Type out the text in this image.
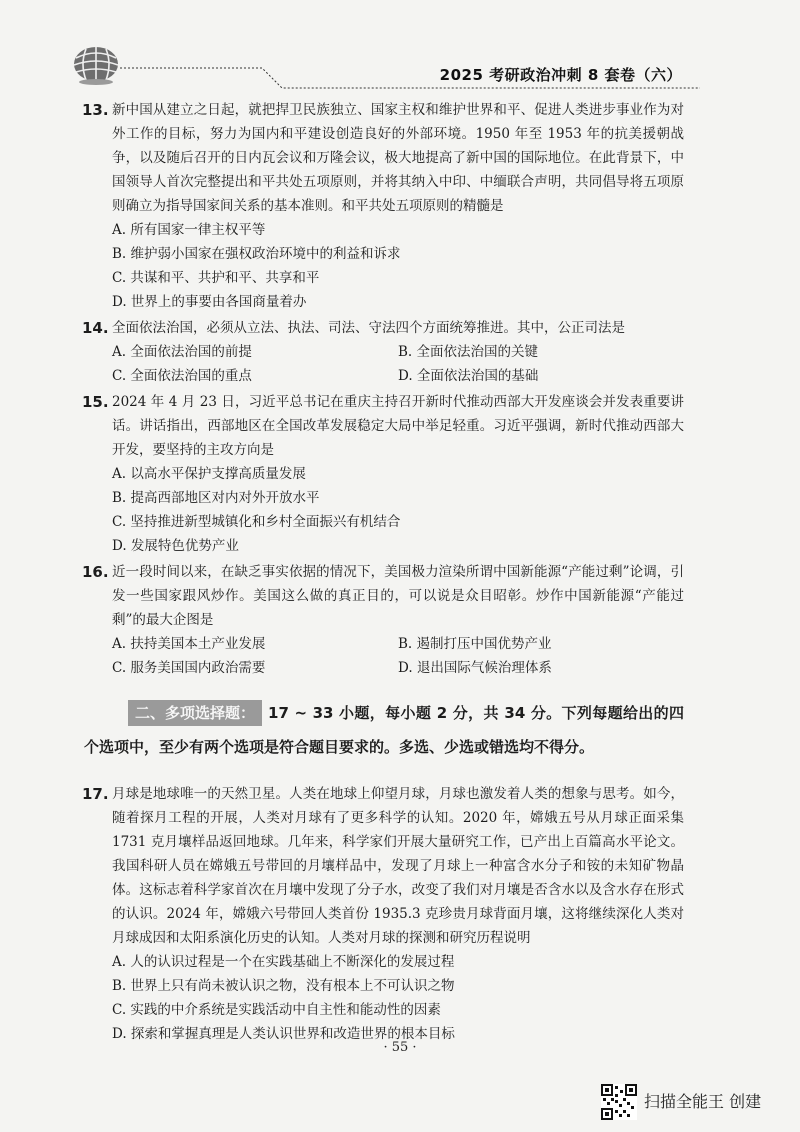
2025 考研政治冲刺 8 套卷（六）
13. 新中国从建立之日起，就把捍卫民族独立、国家主权和维护世界和平、促进人类进步事业作为对外工作的目标，努力为国内和平建设创造良好的外部环境。1950 年至 1953 年的抗美援朝战争，以及随后召开的日内瓦会议和万隆会议，极大地提高了新中国的国际地位。在此背景下，中国领导人首次完整提出和平共处五项原则，并将其纳入中印、中缅联合声明，共同倡导将五项原则确立为指导国家间关系的基本准则。和平共处五项原则的精髓是
A. 所有国家一律主权平等
B. 维护弱小国家在强权政治环境中的利益和诉求
C. 共谋和平、共护和平、共享和平
D. 世界上的事要由各国商量着办
14. 全面依法治国，必须从立法、执法、司法、守法四个方面统筹推进。其中，公正司法是
A. 全面依法治国的前提	B. 全面依法治国的关键
C. 全面依法治国的重点	D. 全面依法治国的基础
15. 2024 年 4 月 23 日，习近平总书记在重庆主持召开新时代推动西部大开发座谈会并发表重要讲话。讲话指出，西部地区在全国改革发展稳定大局中举足轻重。习近平强调，新时代推动西部大开发，要坚持的主攻方向是
A. 以高水平保护支撑高质量发展
B. 提高西部地区对内对外开放水平
C. 坚持推进新型城镇化和乡村全面振兴有机结合
D. 发展特色优势产业
16. 近一段时间以来，在缺乏事实依据的情况下，美国极力渲染所谓中国新能源“产能过剩”论调，引发一些国家跟风炒作。美国这么做的真正目的，可以说是众目昭彰。炒作中国新能源“产能过剩”的最大企图是
A. 扶持美国本土产业发展	B. 遏制打压中国优势产业
C. 服务美国国内政治需要	D. 退出国际气候治理体系
二、多项选择题： 17 ~ 33 小题，每小题 2 分，共 34 分。下列每题给出的四个选项中，至少有两个选项是符合题目要求的。多选、少选或错选均不得分。
17. 月球是地球唯一的天然卫星。人类在地球上仰望月球，月球也激发着人类的想象与思考。如今，随着探月工程的开展，人类对月球有了更多科学的认知。2020 年，嫦娥五号从月球正面采集 1731 克月壤样品返回地球。几年来，科学家们开展大量研究工作，已产出上百篇高水平论文。我国科研人员在嫦娥五号带回的月壤样品中，发现了月球上一种富含水分子和铵的未知矿物晶体。这标志着科学家首次在月壤中发现了分子水，改变了我们对月壤是否含水以及含水存在形式的认识。2024 年，嫦娥六号带回人类首份 1935.3 克珍贵月球背面月壤，这将继续深化人类对月球成因和太阳系演化历史的认知。人类对月球的探测和研究历程说明
A. 人的认识过程是一个在实践基础上不断深化的发展过程
B. 世界上只有尚未被认识之物，没有根本上不可认识之物
C. 实践的中介系统是实践活动中自主性和能动性的因素
D. 探索和掌握真理是人类认识世界和改造世界的根本目标
· 55 ·
扫描全能王 创建
